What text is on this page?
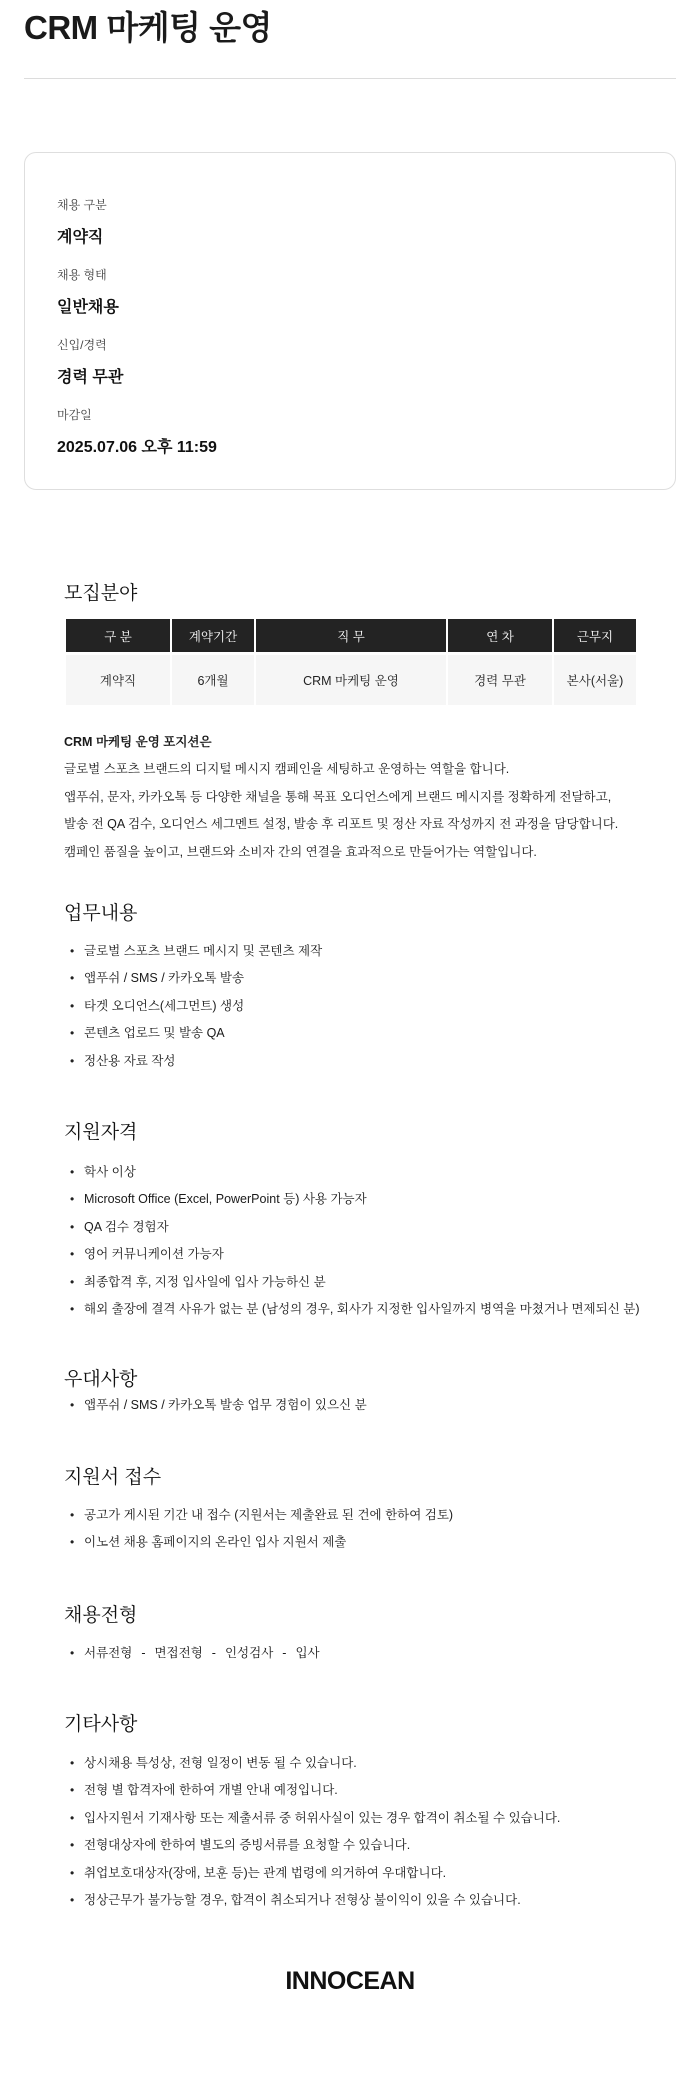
CRM 마케팅 운영
채용 구분
계약직
채용 형태
일반채용
신입/경력
경력 무관
마감일
2025.07.06 오후 11:59
모집분야
구 분	계약기간	직 무	연 차	근무지
계약직	6개월	CRM 마케팅 운영	경력 무관	본사(서울)
CRM 마케팅 운영 포지션은
글로벌 스포츠 브랜드의 디지털 메시지 캠페인을 세팅하고 운영하는 역할을 합니다.
앱푸쉬, 문자, 카카오톡 등 다양한 채널을 통해 목표 오디언스에게 브랜드 메시지를 정확하게 전달하고,
발송 전 QA 검수, 오디언스 세그멘트 설정, 발송 후 리포트 및 정산 자료 작성까지 전 과정을 담당합니다.
캠페인 품질을 높이고, 브랜드와 소비자 간의 연결을 효과적으로 만들어가는 역할입니다.
업무내용
• 글로벌 스포츠 브랜드 메시지 및 콘텐츠 제작
• 앱푸쉬 / SMS / 카카오톡 발송
• 타겟 오디언스(세그먼트) 생성
• 콘텐츠 업로드 및 발송 QA
• 정산용 자료 작성
지원자격
• 학사 이상
• Microsoft Office (Excel, PowerPoint 등) 사용 가능자
• QA 검수 경험자
• 영어 커뮤니케이션 가능자
• 최종합격 후, 지정 입사일에 입사 가능하신 분
• 해외 출장에 결격 사유가 없는 분 (남성의 경우, 회사가 지정한 입사일까지 병역을 마쳤거나 면제되신 분)
우대사항
• 앱푸쉬 / SMS / 카카오톡 발송 업무 경험이 있으신 분
지원서 접수
• 공고가 게시된 기간 내 접수 (지원서는 제출완료 된 건에 한하여 검토)
• 이노션 채용 홈페이지의 온라인 입사 지원서 제출
채용전형
• 서류전형 - 면접전형 - 인성검사 - 입사
기타사항
• 상시채용 특성상, 전형 일정이 변동 될 수 있습니다.
• 전형 별 합격자에 한하여 개별 안내 예정입니다.
• 입사지원서 기재사항 또는 제출서류 중 허위사실이 있는 경우 합격이 취소될 수 있습니다.
• 전형대상자에 한하여 별도의 증빙서류를 요청할 수 있습니다.
• 취업보호대상자(장애, 보훈 등)는 관계 법령에 의거하여 우대합니다.
• 정상근무가 불가능할 경우, 합격이 취소되거나 전형상 불이익이 있을 수 있습니다.
INNOCEAN
